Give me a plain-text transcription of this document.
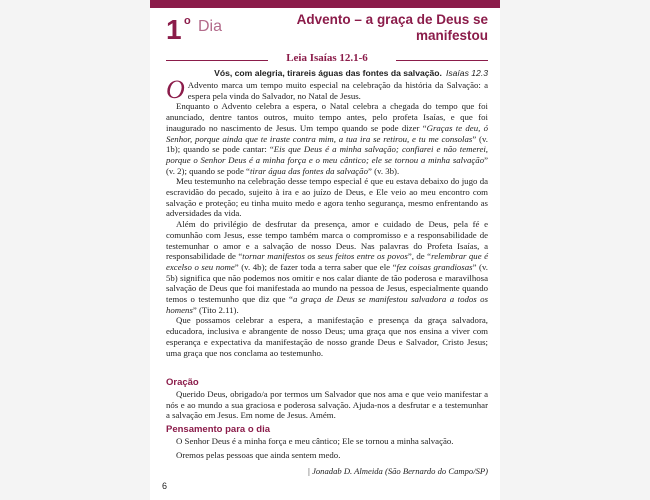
1 o Dia	Advento – a graça de Deus se
manifestou
Leia Isaías 12.1-6
Vós, com alegria, tirareis águas das fontes da salvação. Isaías 12.3

O Advento marca um tempo muito especial na celebração da história da Salvação: a espera pela vinda do Salvador, no Natal de Jesus.

Enquanto o Advento celebra a espera, o Natal celebra a chegada do tempo que foi anunciado, dentre tantos outros, muito tempo antes, pelo profeta Isaías, e que foi inaugurado no nascimento de Jesus. Um tempo quando se pode dizer “Graças te deu, ó Senhor, porque ainda que te iraste contra mim, a tua ira se retirou, e tu me consolas” (v. 1b); quando se pode cantar: “Eis que Deus é a minha salvação; confiarei e não temerei, porque o Senhor Deus é a minha força e o meu cântico; ele se tornou a minha salvação” (v. 2); quando se pode “tirar água das fontes da salvação” (v. 3b).

Meu testemunho na celebração desse tempo especial é que eu estava debaixo do jugo da escravidão do pecado, sujeito à ira e ao juízo de Deus, e Ele veio ao meu encontro com salvação e proteção; eu tinha muito medo e agora tenho segurança, mesmo enfrentando as adversidades da vida.

Além do privilégio de desfrutar da presença, amor e cuidado de Deus, pela fé e comunhão com Jesus, esse tempo também marca o compromisso e a responsabilidade de testemunhar o amor e a salvação de nosso Deus. Nas palavras do Profeta Isaías, a responsabilidade de “tornar manifestos os seus feitos entre os povos”, de “relembrar que é excelso o seu nome” (v. 4b); de fazer toda a terra saber que ele “fez coisas grandiosas” (v. 5b) significa que não podemos nos omitir e nos calar diante de tão poderosa e maravilhosa salvação de Deus que foi manifestada ao mundo na pessoa de Jesus, especialmente quando temos o testemunho que diz que “a graça de Deus se manifestou salvadora a todos os homens” (Tito 2.11).

Que possamos celebrar a espera, a manifestação e presença da graça salvadora, educadora, inclusiva e abrangente de nosso Deus; uma graça que nos ensina a viver com esperança e expectativa da manifestação de nosso grande Deus e Salvador, Cristo Jesus; uma graça que nos conclama ao testemunho.

Oração

Querido Deus, obrigado/a por termos um Salvador que nos ama e que veio manifestar a nós e ao mundo a sua graciosa e poderosa salvação. Ajuda-nos a desfrutar e a testemunhar a salvação em Jesus. Em nome de Jesus. Amém.

Pensamento para o dia

O Senhor Deus é a minha força e meu cântico; Ele se tornou a minha salvação.

Oremos pelas pessoas que ainda sentem medo.

| Jonadab D. Almeida (São Bernardo do Campo/SP)
6
